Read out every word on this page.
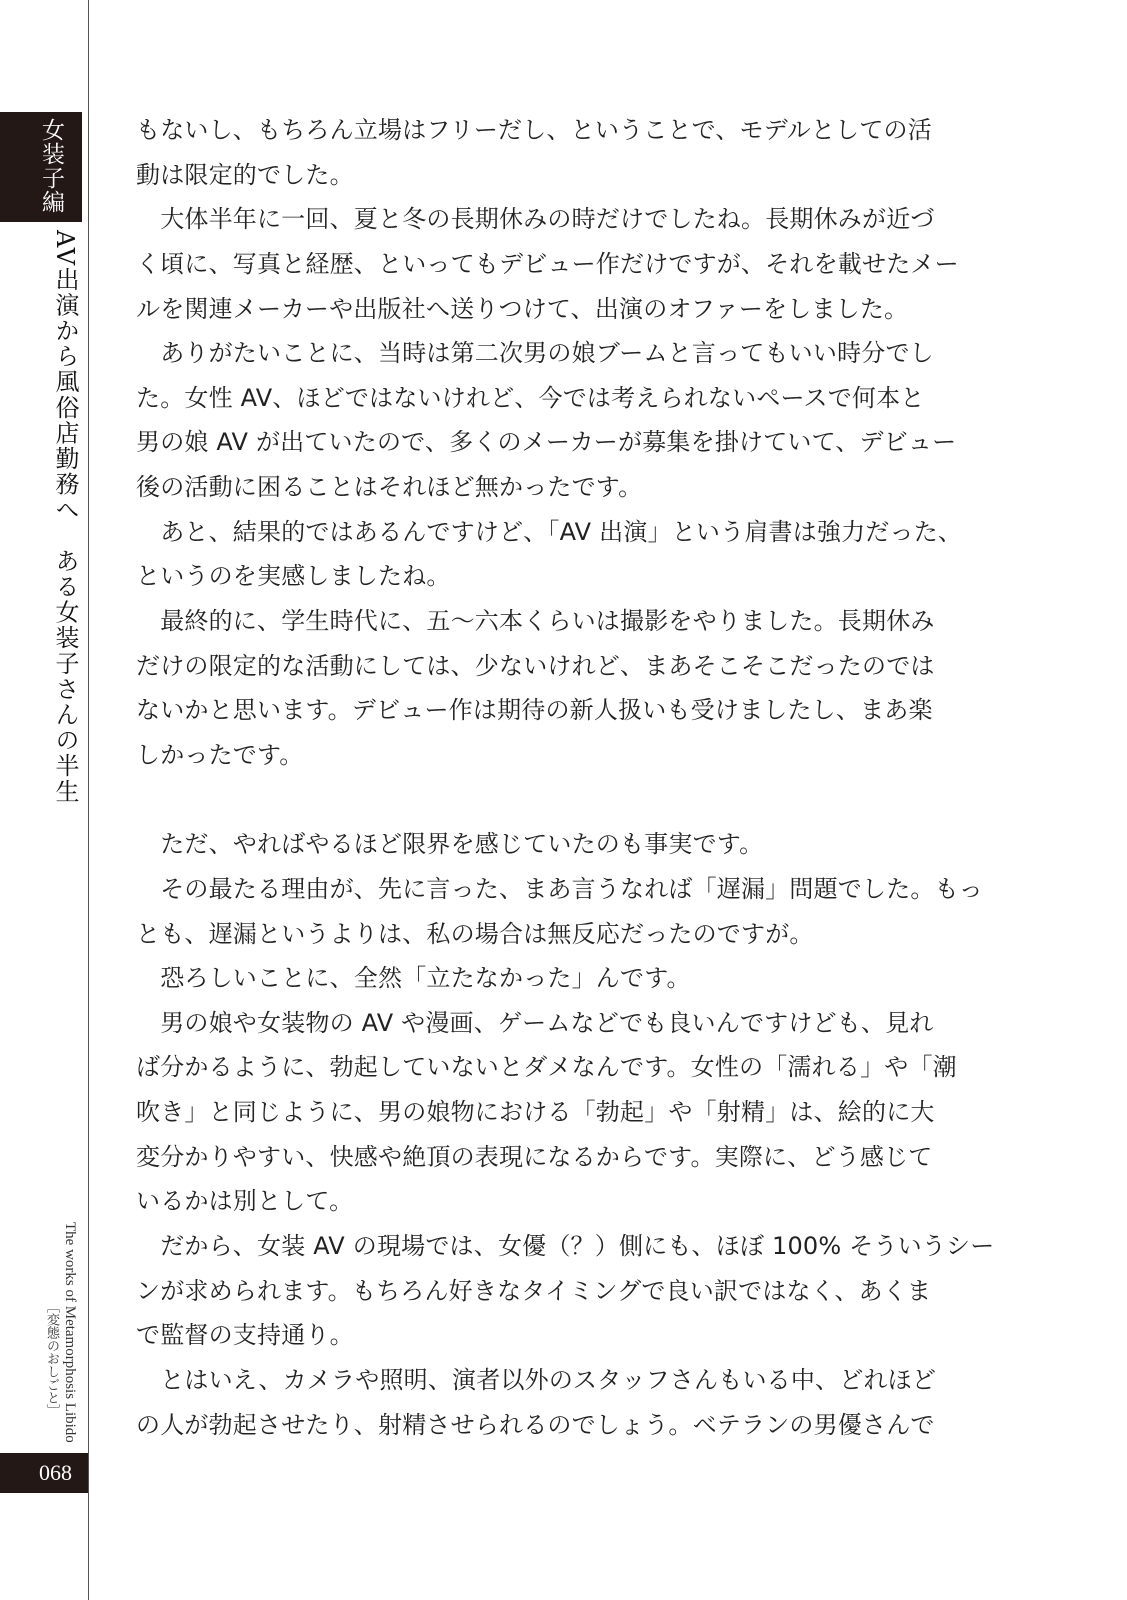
女装子編
AV出演から風俗店勤務へ　ある女装子さんの半生
The works of Metamorphosis Libido
［変態のおしごと］
068
もないし、もちろん立場はフリーだし、ということで、モデルとしての活
動は限定的でした。
　大体半年に一回、夏と冬の長期休みの時だけでしたね。長期休みが近づ
く頃に、写真と経歴、といってもデビュー作だけですが、それを載せたメー
ルを関連メーカーや出版社へ送りつけて、出演のオファーをしました。
　ありがたいことに、当時は第二次男の娘ブームと言ってもいい時分でし
た。女性 AV、ほどではないけれど、今では考えられないペースで何本と
男の娘 AV が出ていたので、多くのメーカーが募集を掛けていて、デビュー
後の活動に困ることはそれほど無かったです。
　あと、結果的ではあるんですけど、「AV 出演」という肩書は強力だった、
というのを実感しましたね。
　最終的に、学生時代に、五〜六本くらいは撮影をやりました。長期休み
だけの限定的な活動にしては、少ないけれど、まあそこそこだったのでは
ないかと思います。デビュー作は期待の新人扱いも受けましたし、まあ楽
しかったです。
　ただ、やればやるほど限界を感じていたのも事実です。
　その最たる理由が、先に言った、まあ言うなれば「遅漏」問題でした。もっ
とも、遅漏というよりは、私の場合は無反応だったのですが。
　恐ろしいことに、全然「立たなかった」んです。
　男の娘や女装物の AV や漫画、ゲームなどでも良いんですけども、見れ
ば分かるように、勃起していないとダメなんです。女性の「濡れる」や「潮
吹き」と同じように、男の娘物における「勃起」や「射精」は、絵的に大
変分かりやすい、快感や絶頂の表現になるからです。実際に、どう感じて
いるかは別として。
　だから、女装 AV の現場では、女優（？）側にも、ほぼ 100% そういうシー
ンが求められます。もちろん好きなタイミングで良い訳ではなく、あくま
で監督の支持通り。
　とはいえ、カメラや照明、演者以外のスタッフさんもいる中、どれほど
の人が勃起させたり、射精させられるのでしょう。ベテランの男優さんで
